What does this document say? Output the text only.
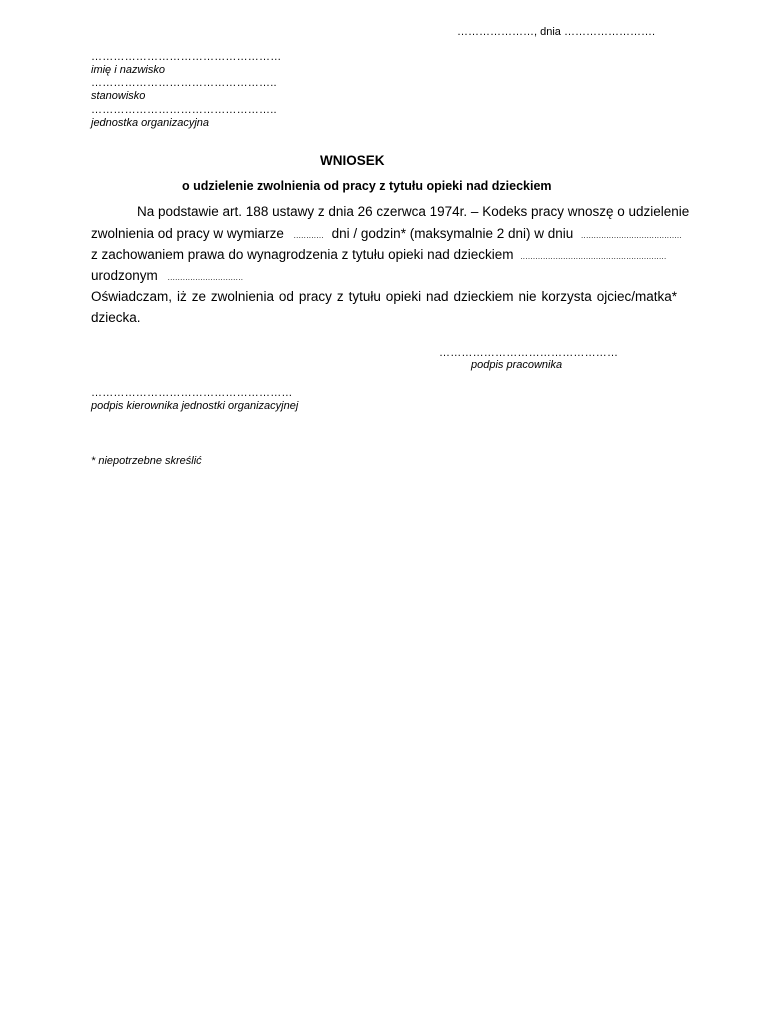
…………………, dnia …………………….
……………………………………………
imię i nazwisko
…………………………………………..
stanowisko
…………………………………………..
jednostka organizacyjna
WNIOSEK
o udzielenie zwolnienia od pracy z tytułu opieki nad dzieckiem
Na podstawie art. 188 ustawy z dnia 26 czerwca 1974r. – Kodeks pracy wnoszę o udzielenie
zwolnienia od pracy w wymiarze ............ dni / godzin* (maksymalnie 2 dni) w dniu ........................................
z zachowaniem prawa do wynagrodzenia z tytułu opieki nad dzieckiem ..........................................................
urodzonym ..............................
Oświadczam, iż ze zwolnienia od pracy z tytułu opieki nad dzieckiem nie korzysta ojciec/matka*
dziecka.
…………………………………………
podpis pracownika
………………………………………………
podpis kierownika jednostki organizacyjnej
* niepotrzebne skreślić
